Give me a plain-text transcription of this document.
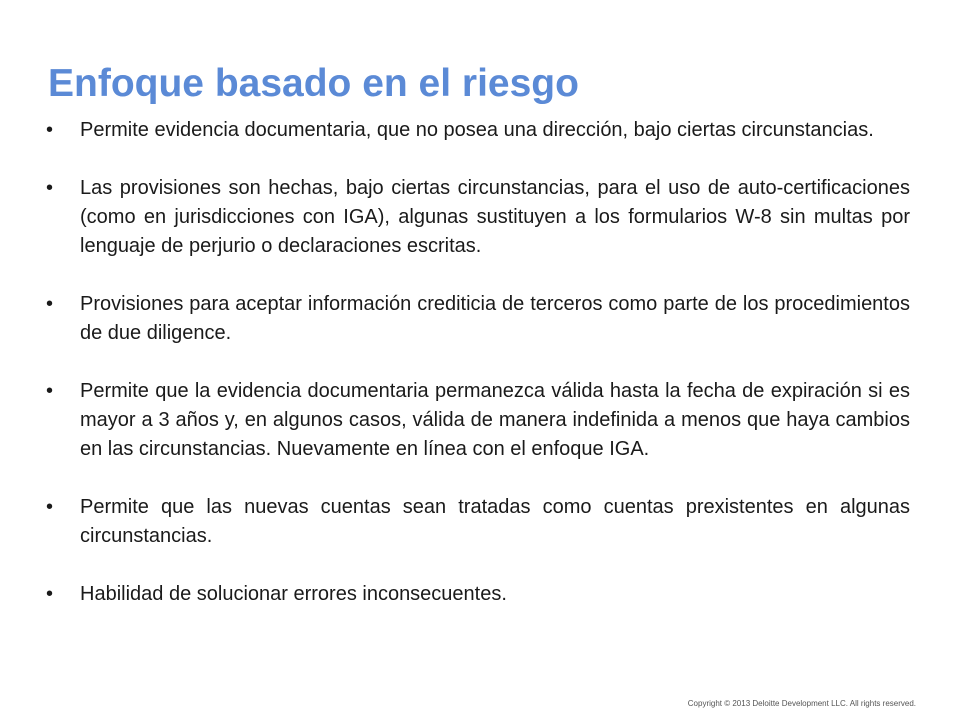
Enfoque basado en el riesgo
• Permite evidencia documentaria, que no posea una dirección, bajo ciertas circunstancias.
• Las provisiones son hechas, bajo ciertas circunstancias, para el uso de auto-certificaciones (como en jurisdicciones con IGA), algunas sustituyen a los formularios W-8 sin multas por lenguaje de perjurio o declaraciones escritas.
• Provisiones para aceptar información crediticia de terceros como parte de los procedimientos de due diligence.
• Permite que la evidencia documentaria permanezca válida hasta la fecha de expiración si es mayor a 3 años y, en algunos casos, válida de manera indefinida a menos que haya cambios en las circunstancias. Nuevamente en línea con el enfoque IGA.
• Permite que las nuevas cuentas sean tratadas como cuentas prexistentes en algunas circunstancias.
• Habilidad de solucionar errores inconsecuentes.
Copyright © 2013 Deloitte Development LLC. All rights reserved.
